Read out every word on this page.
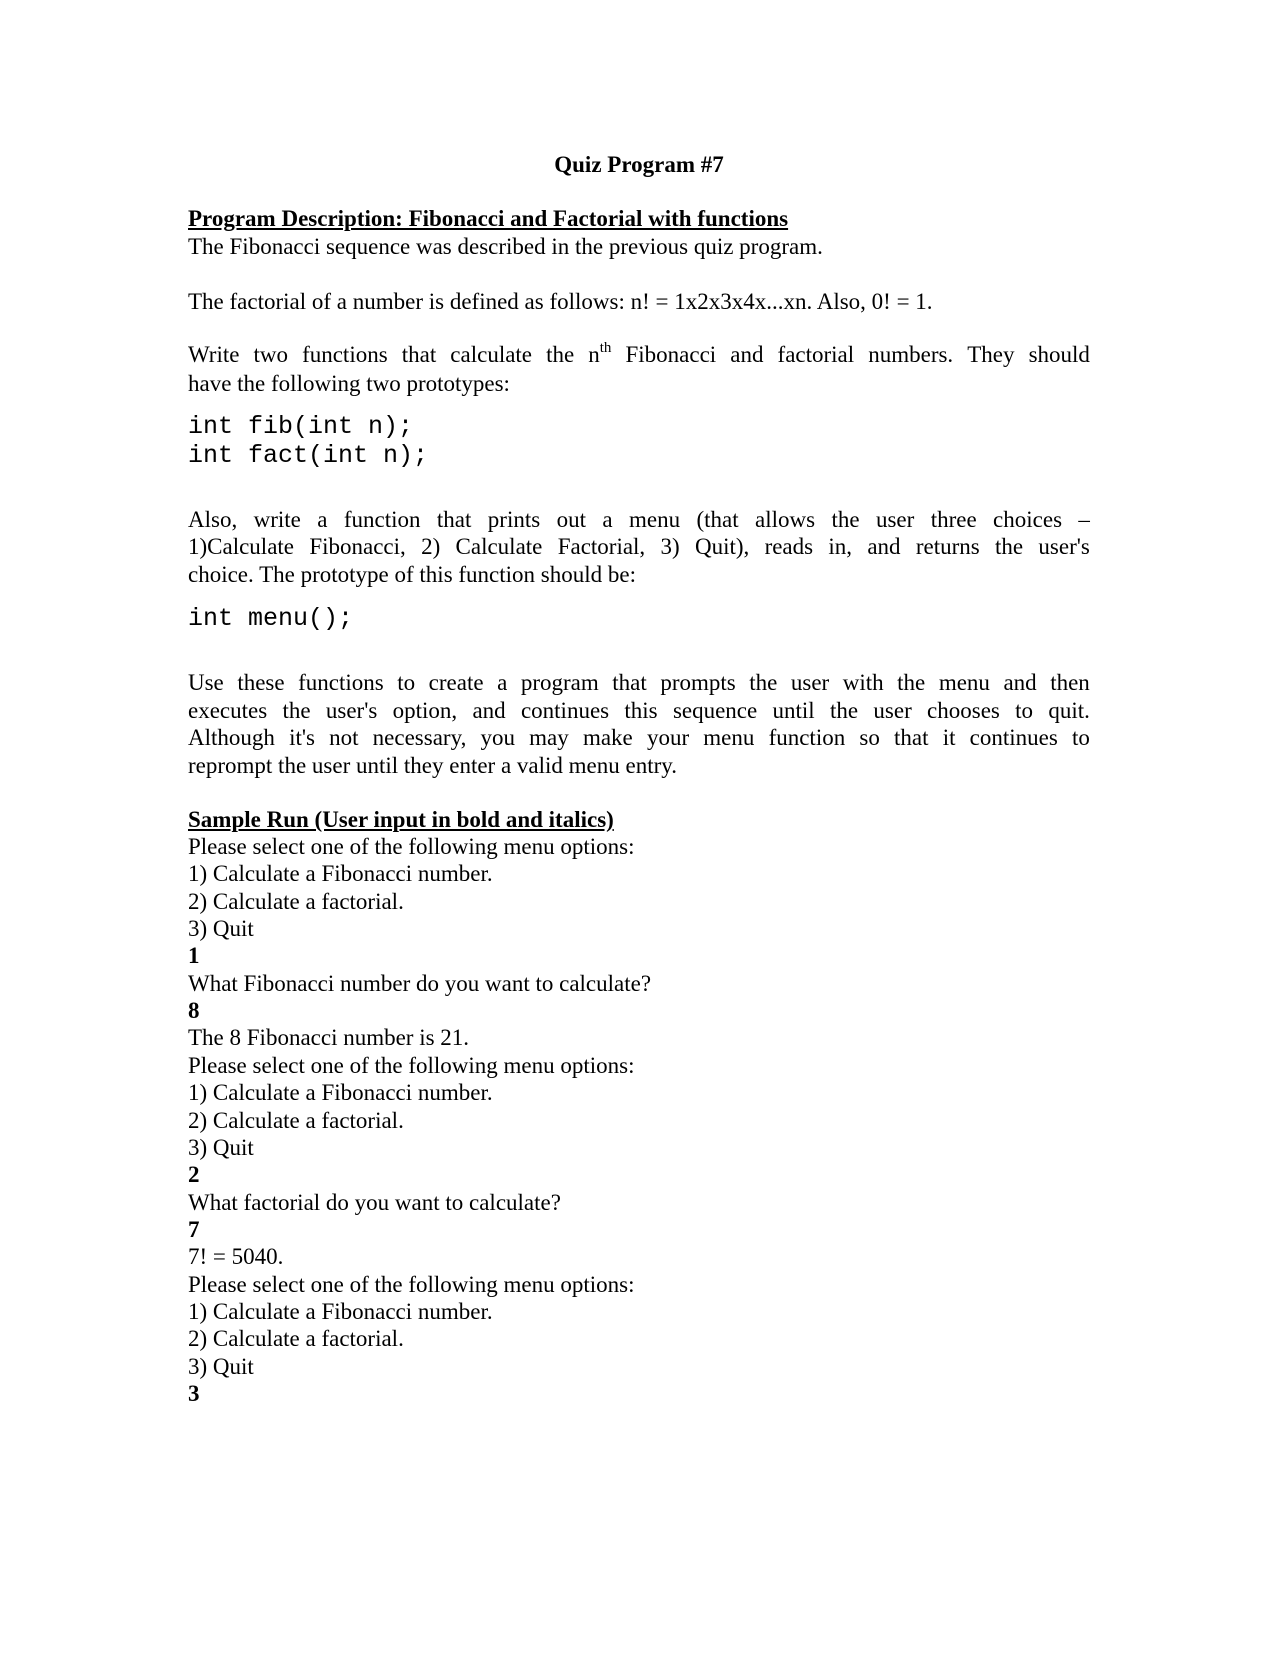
Quiz Program #7
Program Description: Fibonacci and Factorial with functions
The Fibonacci sequence was described in the previous quiz program.
The factorial of a number is defined as follows: n! = 1x2x3x4x...xn. Also, 0! = 1.
Write two functions that calculate the $n^{th}$ Fibonacci and factorial numbers. They should
have the following two prototypes:
int fib(int n);
int fact(int n);
Also, write a function that prints out a menu (that allows the user three choices –
1)Calculate Fibonacci, 2) Calculate Factorial, 3) Quit), reads in, and returns the user's
choice. The prototype of this function should be:
int menu();
Use these functions to create a program that prompts the user with the menu and then
executes the user's option, and continues this sequence until the user chooses to quit.
Although it's not necessary, you may make your menu function so that it continues to
reprompt the user until they enter a valid menu entry.
Sample Run (User input in bold and italics)
Please select one of the following menu options:
1) Calculate a Fibonacci number.
2) Calculate a factorial.
3) Quit
1
What Fibonacci number do you want to calculate?
8
The 8 Fibonacci number is 21.
Please select one of the following menu options:
1) Calculate a Fibonacci number.
2) Calculate a factorial.
3) Quit
2
What factorial do you want to calculate?
7
7! = 5040.
Please select one of the following menu options:
1) Calculate a Fibonacci number.
2) Calculate a factorial.
3) Quit
3
